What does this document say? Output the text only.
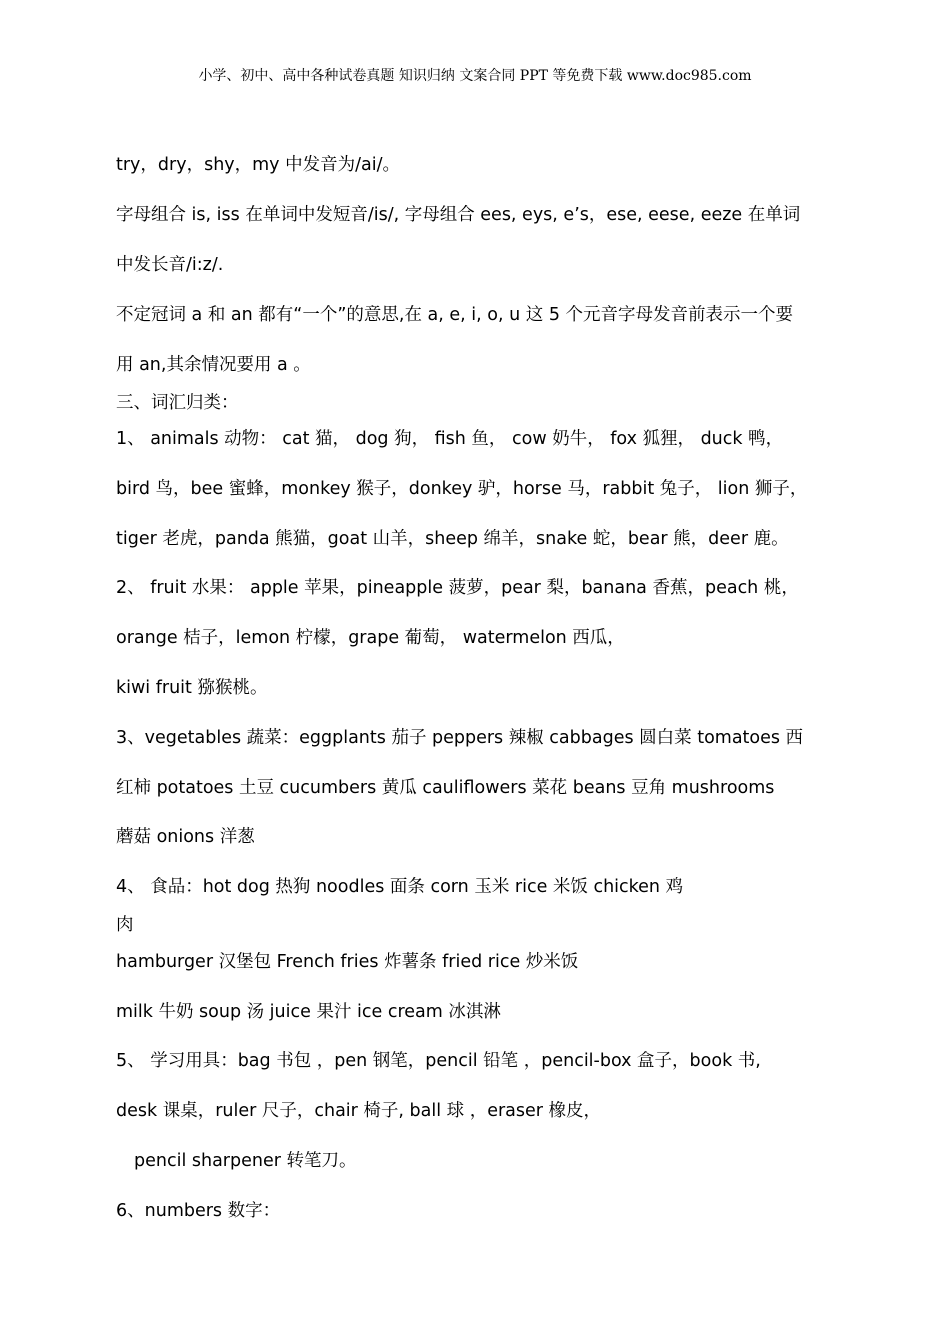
小学、初中、高中各种试卷真题 知识归纳 文案合同 PPT 等免费下载 www.doc985.com
try，dry，shy，my 中发音为/ai/。
字母组合 is, iss 在单词中发短音/is/, 字母组合 ees, eys, e’s，ese, eese, eeze 在单词
中发长音/i:z/.
不定冠词 a 和 an 都有“一个”的意思,在 a, e, i, o, u 这 5 个元音字母发音前表示一个要
用 an,其余情况要用 a 。
三、词汇归类：
1、 animals 动物： cat 猫， dog 狗， fish 鱼， cow 奶牛， fox 狐狸， duck 鸭，
bird 鸟，bee 蜜蜂，monkey 猴子，donkey 驴，horse 马，rabbit 兔子， lion 狮子，
tiger 老虎，panda 熊猫，goat 山羊，sheep 绵羊，snake 蛇，bear 熊，deer 鹿。
2、 fruit 水果： apple 苹果，pineapple 菠萝，pear 梨，banana 香蕉，peach 桃，
orange 桔子，lemon 柠檬，grape 葡萄， watermelon 西瓜，
kiwi fruit 猕猴桃。
3、vegetables 蔬菜：eggplants 茄子 peppers 辣椒 cabbages 圆白菜 tomatoes 西
红柿 potatoes 土豆 cucumbers 黄瓜 cauliflowers 菜花 beans 豆角 mushrooms
蘑菇 onions 洋葱
4、 食品：hot dog 热狗 noodles 面条 corn 玉米 rice 米饭 chicken 鸡
肉
hamburger 汉堡包 French fries 炸薯条 fried rice 炒米饭
milk 牛奶 soup 汤 juice 果汁 ice cream 冰淇淋
5、 学习用具：bag 书包 ，pen 钢笔，pencil 铅笔 ，pencil-box 盒子，book 书,
desk 课桌，ruler 尺子，chair 椅子, ball 球 ，eraser 橡皮，
pencil sharpener 转笔刀。
6、numbers 数字：
